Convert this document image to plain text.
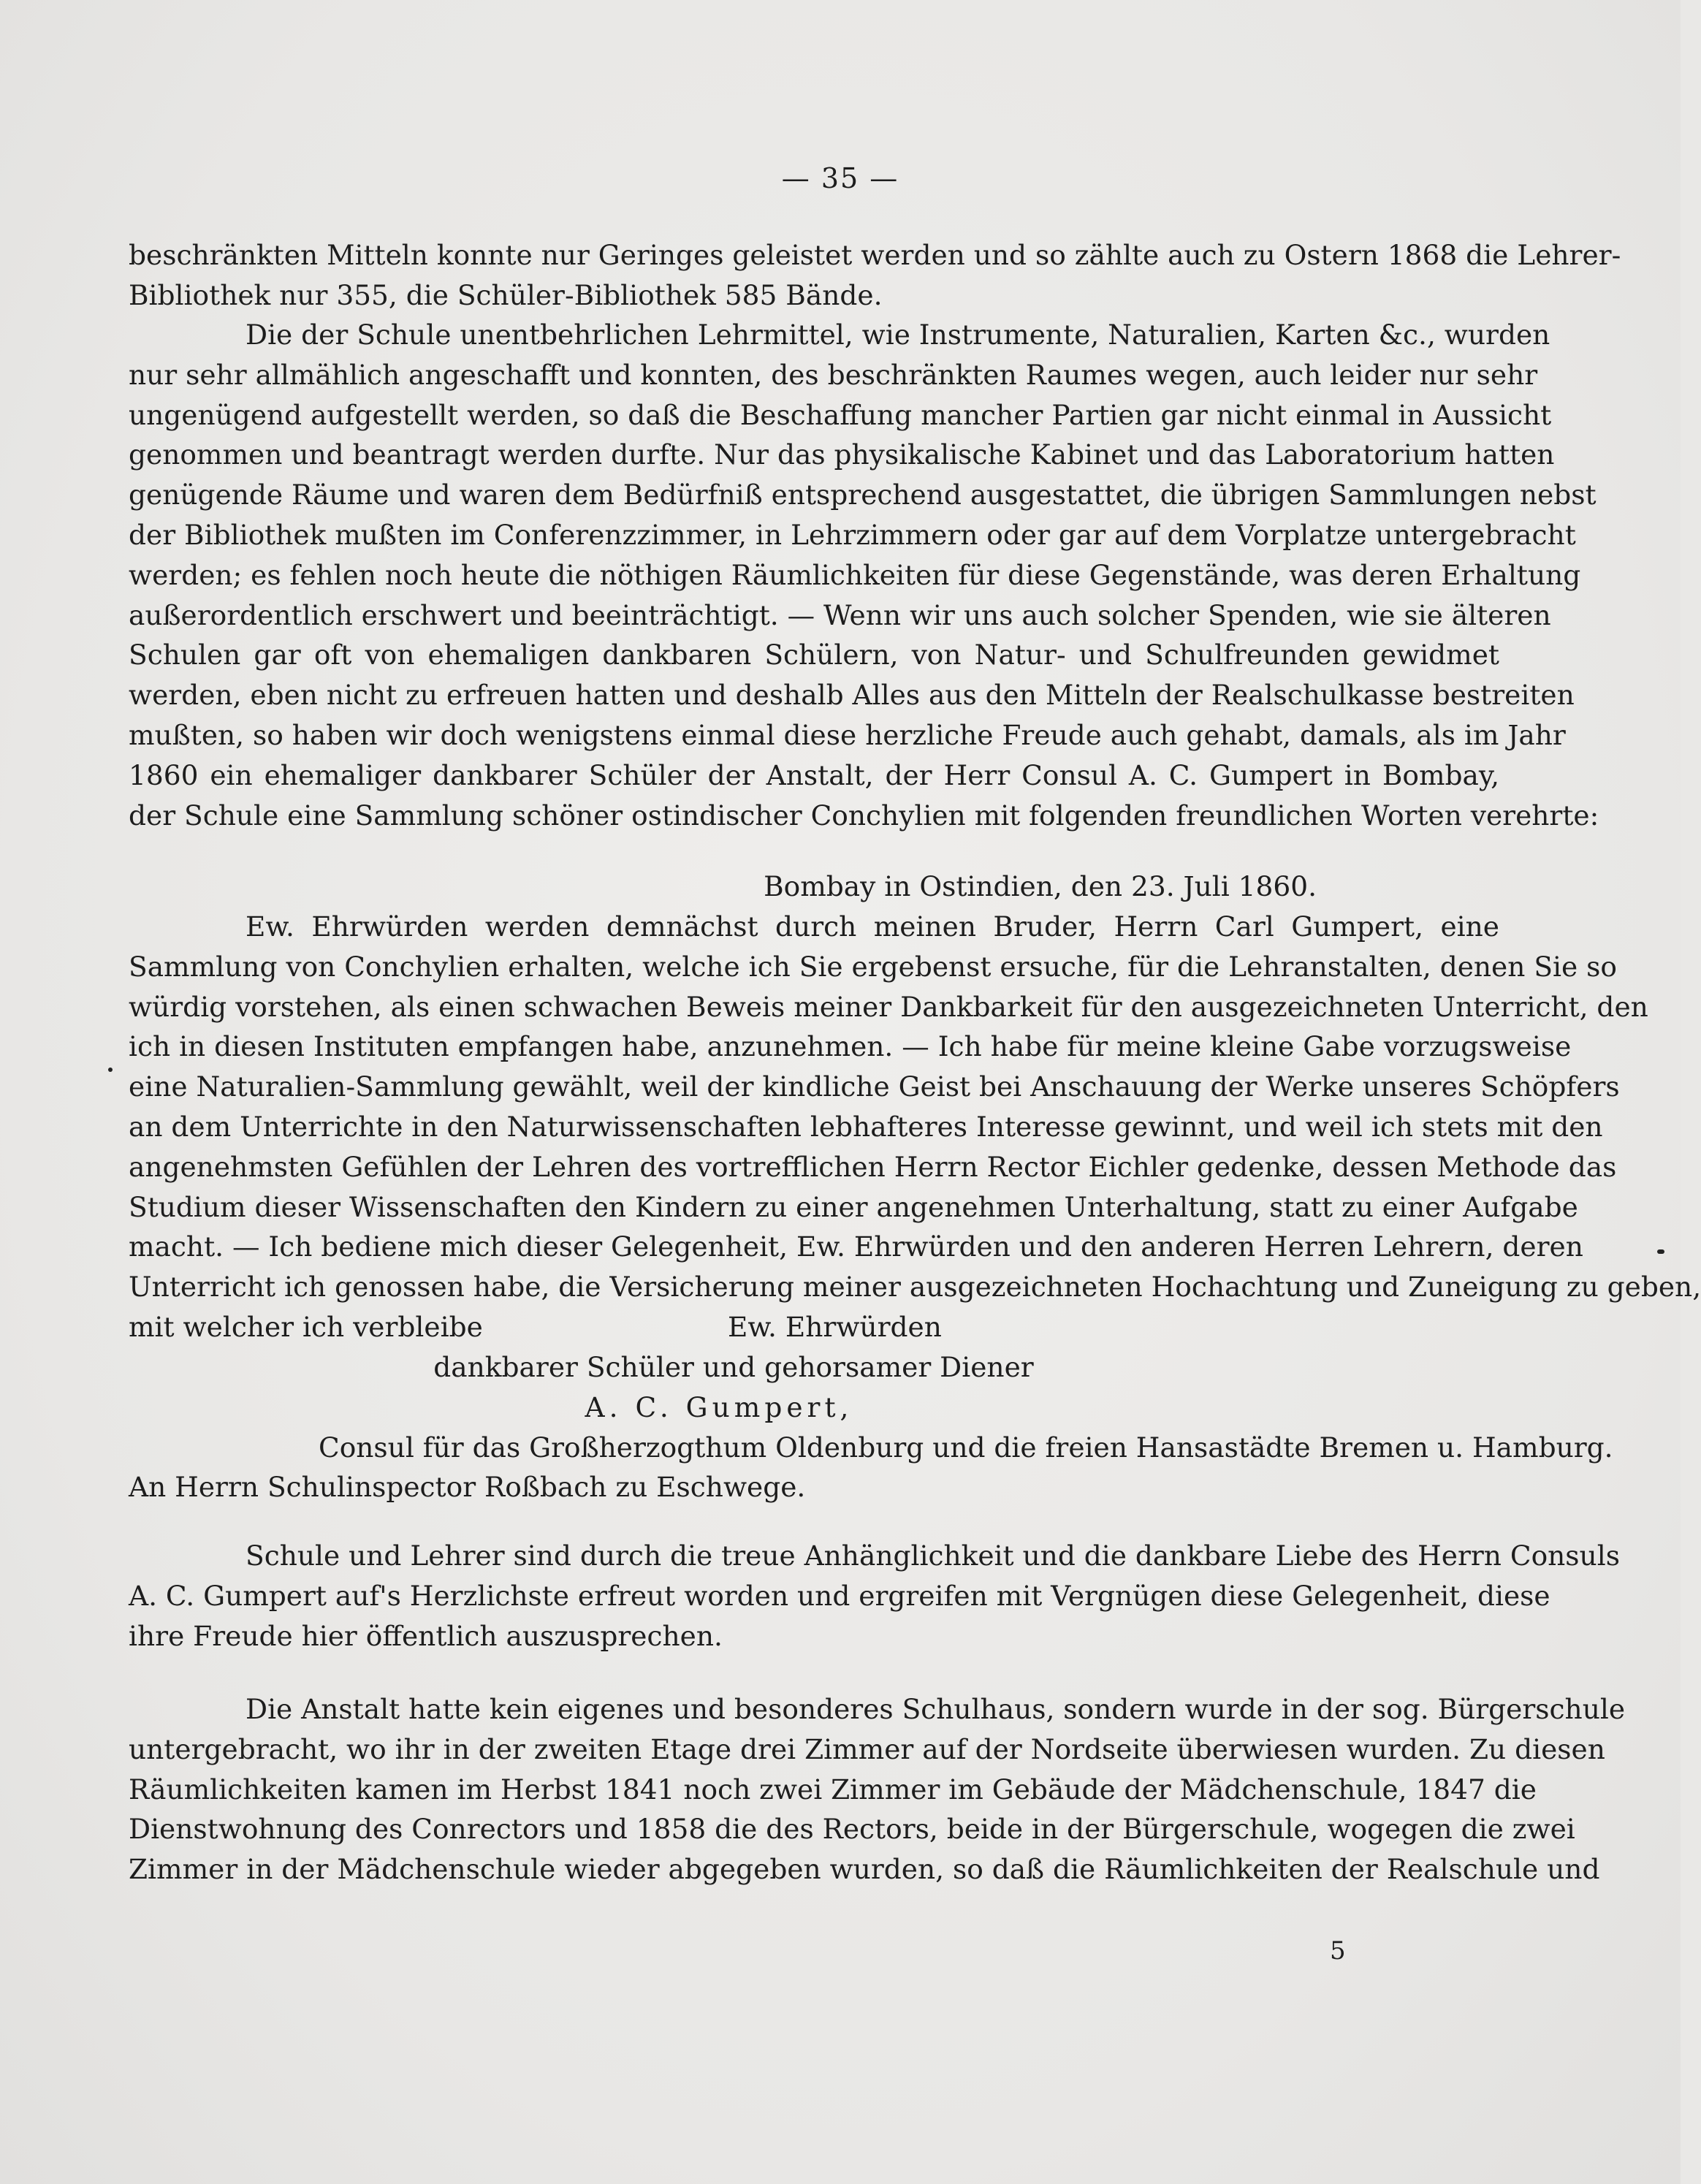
— 35 —
beschränkten Mitteln konnte nur Geringes geleistet werden und so zählte auch zu Ostern 1868 die Lehrer-
Bibliothek nur 355, die Schüler-Bibliothek 585 Bände.
Die der Schule unentbehrlichen Lehrmittel, wie Instrumente, Naturalien, Karten &c., wurden
nur sehr allmählich angeschafft und konnten, des beschränkten Raumes wegen, auch leider nur sehr
ungenügend aufgestellt werden, so daß die Beschaffung mancher Partien gar nicht einmal in Aussicht
genommen und beantragt werden durfte. Nur das physikalische Kabinet und das Laboratorium hatten
genügende Räume und waren dem Bedürfniß entsprechend ausgestattet, die übrigen Sammlungen nebst
der Bibliothek mußten im Conferenzzimmer, in Lehrzimmern oder gar auf dem Vorplatze untergebracht
werden; es fehlen noch heute die nöthigen Räumlichkeiten für diese Gegenstände, was deren Erhaltung
außerordentlich erschwert und beeinträchtigt. — Wenn wir uns auch solcher Spenden, wie sie älteren
Schulen gar oft von ehemaligen dankbaren Schülern, von Natur- und Schulfreunden gewidmet
werden, eben nicht zu erfreuen hatten und deshalb Alles aus den Mitteln der Realschulkasse bestreiten
mußten, so haben wir doch wenigstens einmal diese herzliche Freude auch gehabt, damals, als im Jahr
1860 ein ehemaliger dankbarer Schüler der Anstalt, der Herr Consul A. C. Gumpert in Bombay,
der Schule eine Sammlung schöner ostindischer Conchylien mit folgenden freundlichen Worten verehrte:
Bombay in Ostindien, den 23. Juli 1860.
Ew. Ehrwürden werden demnächst durch meinen Bruder, Herrn Carl Gumpert, eine
Sammlung von Conchylien erhalten, welche ich Sie ergebenst ersuche, für die Lehranstalten, denen Sie so
würdig vorstehen, als einen schwachen Beweis meiner Dankbarkeit für den ausgezeichneten Unterricht, den
ich in diesen Instituten empfangen habe, anzunehmen. — Ich habe für meine kleine Gabe vorzugsweise
eine Naturalien-Sammlung gewählt, weil der kindliche Geist bei Anschauung der Werke unseres Schöpfers
an dem Unterrichte in den Naturwissenschaften lebhafteres Interesse gewinnt, und weil ich stets mit den
angenehmsten Gefühlen der Lehren des vortrefflichen Herrn Rector Eichler gedenke, dessen Methode das
Studium dieser Wissenschaften den Kindern zu einer angenehmen Unterhaltung, statt zu einer Aufgabe
macht. — Ich bediene mich dieser Gelegenheit, Ew. Ehrwürden und den anderen Herren Lehrern, deren
Unterricht ich genossen habe, die Versicherung meiner ausgezeichneten Hochachtung und Zuneigung zu geben,
mit welcher ich verbleibe	Ew. Ehrwürden
dankbarer Schüler und gehorsamer Diener
A. C. Gumpert,
Consul für das Großherzogthum Oldenburg und die freien Hansastädte Bremen u. Hamburg.
An Herrn Schulinspector Roßbach zu Eschwege.
Schule und Lehrer sind durch die treue Anhänglichkeit und die dankbare Liebe des Herrn Consuls
A. C. Gumpert auf's Herzlichste erfreut worden und ergreifen mit Vergnügen diese Gelegenheit, diese
ihre Freude hier öffentlich auszusprechen.
Die Anstalt hatte kein eigenes und besonderes Schulhaus, sondern wurde in der sog. Bürgerschule
untergebracht, wo ihr in der zweiten Etage drei Zimmer auf der Nordseite überwiesen wurden. Zu diesen
Räumlichkeiten kamen im Herbst 1841 noch zwei Zimmer im Gebäude der Mädchenschule, 1847 die
Dienstwohnung des Conrectors und 1858 die des Rectors, beide in der Bürgerschule, wogegen die zwei
Zimmer in der Mädchenschule wieder abgegeben wurden, so daß die Räumlichkeiten der Realschule und
5
